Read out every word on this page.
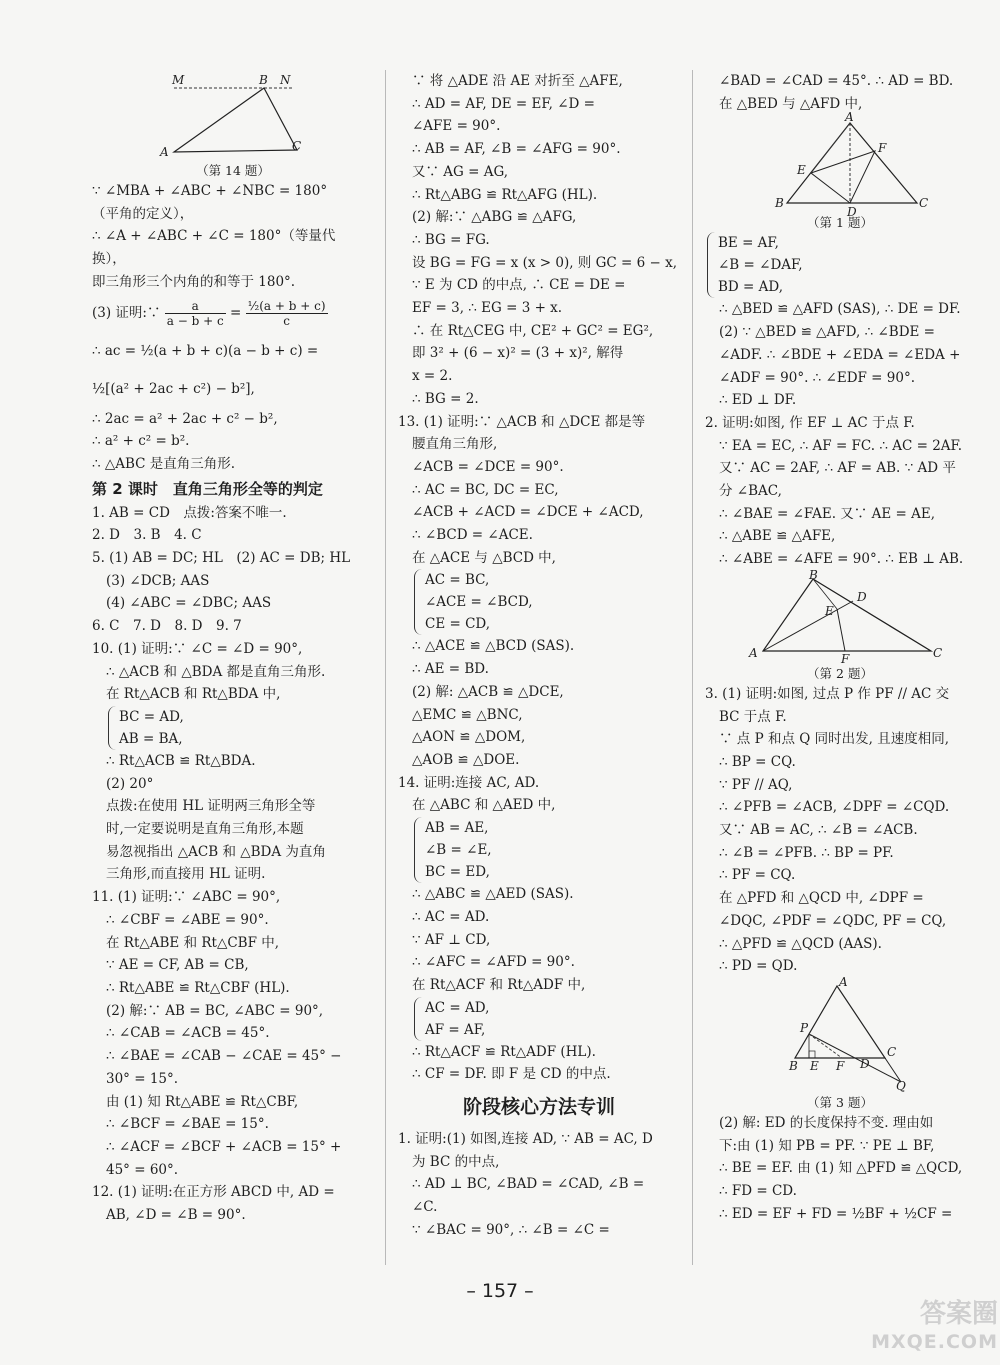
M	B N
A	C
（第 14 题）
∵ ∠MBA + ∠ABC + ∠NBC = 180°
（平角的定义），
∴ ∠A + ∠ABC + ∠C = 180°（等量代
换），
即三角形三个内角的和等于 180°.
(3) 证明:∵ $\frac{a}{a - b + c} = \frac{\text{½(a + b + c)}}{c}$
∴ ac = ½(a + b + c)(a − b + c) =
½[(a² + 2ac + c²) − b²],
∴ 2ac = a² + 2ac + c² − b²,
∴ a² + c² = b².
∴ △ABC 是直角三角形.
第 2 课时　直角三角形全等的判定
1. AB = CD　点拨:答案不唯一.
2. D　3. B　4. C
5. (1) AB = DC; HL　(2) AC = DB; HL
(3) ∠DCB; AAS
(4) ∠ABC = ∠DBC; AAS
6. C　7. D　8. D　9. 7
10. (1) 证明:∵ ∠C = ∠D = 90°,
∴ △ACB 和 △BDA 都是直角三角形.
在 Rt△ACB 和 Rt△BDA 中,
BC = AD,
AB = BA,
∴ Rt△ACB ≌ Rt△BDA.
(2) 20°
点拨:在使用 HL 证明两三角形全等
时,一定要说明是直角三角形,本题
易忽视指出 △ACB 和 △BDA 为直角
三角形,而直接用 HL 证明.
11. (1) 证明:∵ ∠ABC = 90°,
∴ ∠CBF = ∠ABE = 90°.
在 Rt△ABE 和 Rt△CBF 中,
∵ AE = CF, AB = CB,
∴ Rt△ABE ≌ Rt△CBF (HL).
(2) 解:∵ AB = BC, ∠ABC = 90°,
∴ ∠CAB = ∠ACB = 45°.
∴ ∠BAE = ∠CAB − ∠CAE = 45° −
30° = 15°.
由 (1) 知 Rt△ABE ≌ Rt△CBF,
∴ ∠BCF = ∠BAE = 15°.
∴ ∠ACF = ∠BCF + ∠ACB = 15° +
45° = 60°.
12. (1) 证明:在正方形 ABCD 中, AD =
AB, ∠D = ∠B = 90°.
∵ 将 △ADE 沿 AE 对折至 △AFE,
∴ AD = AF, DE = EF, ∠D =
∠AFE = 90°.
∴ AB = AF, ∠B = ∠AFG = 90°.
又∵ AG = AG,
∴ Rt△ABG ≌ Rt△AFG (HL).
(2) 解:∵ △ABG ≌ △AFG,
∴ BG = FG.
设 BG = FG = x (x > 0), 则 GC = 6 − x,
∵ E 为 CD 的中点, ∴ CE = DE =
EF = 3, ∴ EG = 3 + x.
∴ 在 Rt△CEG 中, CE² + GC² = EG²,
即 3² + (6 − x)² = (3 + x)², 解得
x = 2.
∴ BG = 2.
13. (1) 证明:∵ △ACB 和 △DCE 都是等
腰直角三角形,
∠ACB = ∠DCE = 90°.
∴ AC = BC, DC = EC,
∠ACB + ∠ACD = ∠DCE + ∠ACD,
∴ ∠BCD = ∠ACE.
在 △ACE 与 △BCD 中,
AC = BC,
∠ACE = ∠BCD,
CE = CD,
∴ △ACE ≌ △BCD (SAS).
∴ AE = BD.
(2) 解: △ACB ≌ △DCE,
△EMC ≌ △BNC,
△AON ≌ △DOM,
△AOB ≌ △DOE.
14. 证明:连接 AC, AD.
在 △ABC 和 △AED 中,
AB = AE,
∠B = ∠E,
BC = ED,
∴ △ABC ≌ △AED (SAS).
∴ AC = AD.
∵ AF ⊥ CD,
∴ ∠AFC = ∠AFD = 90°.
在 Rt△ACF 和 Rt△ADF 中,
AC = AD,
AF = AF,
∴ Rt△ACF ≌ Rt△ADF (HL).
∴ CF = DF. 即 F 是 CD 的中点.
阶段核心方法专训
1. 证明:(1) 如图,连接 AD, ∵ AB = AC, D
为 BC 的中点,
∴ AD ⊥ BC, ∠BAD = ∠CAD, ∠B =
∠C.
∵ ∠BAC = 90°, ∴ ∠B = ∠C =
∠BAD = ∠CAD = 45°. ∴ AD = BD.
在 △BED 与 △AFD 中,
A
F
E
B
D
C
（第 1 题）
BE = AF,
∠B = ∠DAF,
BD = AD,
∴ △BED ≌ △AFD (SAS), ∴ DE = DF.
(2) ∵ △BED ≌ △AFD, ∴ ∠BDE =
∠ADF. ∴ ∠BDE + ∠EDA = ∠EDA +
∠ADF = 90°. ∴ ∠EDF = 90°.
∴ ED ⊥ DF.
2. 证明:如图, 作 EF ⊥ AC 于点 F.
∵ EA = EC, ∴ AF = FC. ∴ AC = 2AF.
又∵ AC = 2AF, ∴ AF = AB. ∵ AD 平
分 ∠BAC,
∴ ∠BAE = ∠FAE. 又∵ AE = AE,
∴ △ABE ≌ △AFE,
∴ ∠ABE = ∠AFE = 90°. ∴ EB ⊥ AB.
B
D
E
A	F	C
（第 2 题）
3. (1) 证明:如图, 过点 P 作 PF // AC 交
BC 于点 F.
∵ 点 P 和点 Q 同时出发, 且速度相同,
∴ BP = CQ.
∵ PF // AQ,
∴ ∠PFB = ∠ACB, ∠DPF = ∠CQD.
又∵ AB = AC, ∴ ∠B = ∠ACB.
∴ ∠B = ∠PFB. ∴ BP = PF.
∴ PF = CQ.
在 △PFD 和 △QCD 中, ∠DPF =
∠DQC, ∠PDF = ∠QDC, PF = CQ,
∴ △PFD ≌ △QCD (AAS).
∴ PD = QD.
A
P
B E F D
C
Q
（第 3 题）
(2) 解: ED 的长度保持不变. 理由如
下:由 (1) 知 PB = PF. ∵ PE ⊥ BF,
∴ BE = EF. 由 (1) 知 △PFD ≌ △QCD,
∴ FD = CD.
∴ ED = EF + FD = ½BF + ½CF =
– 157 –
答案圈
MXQE.COM
